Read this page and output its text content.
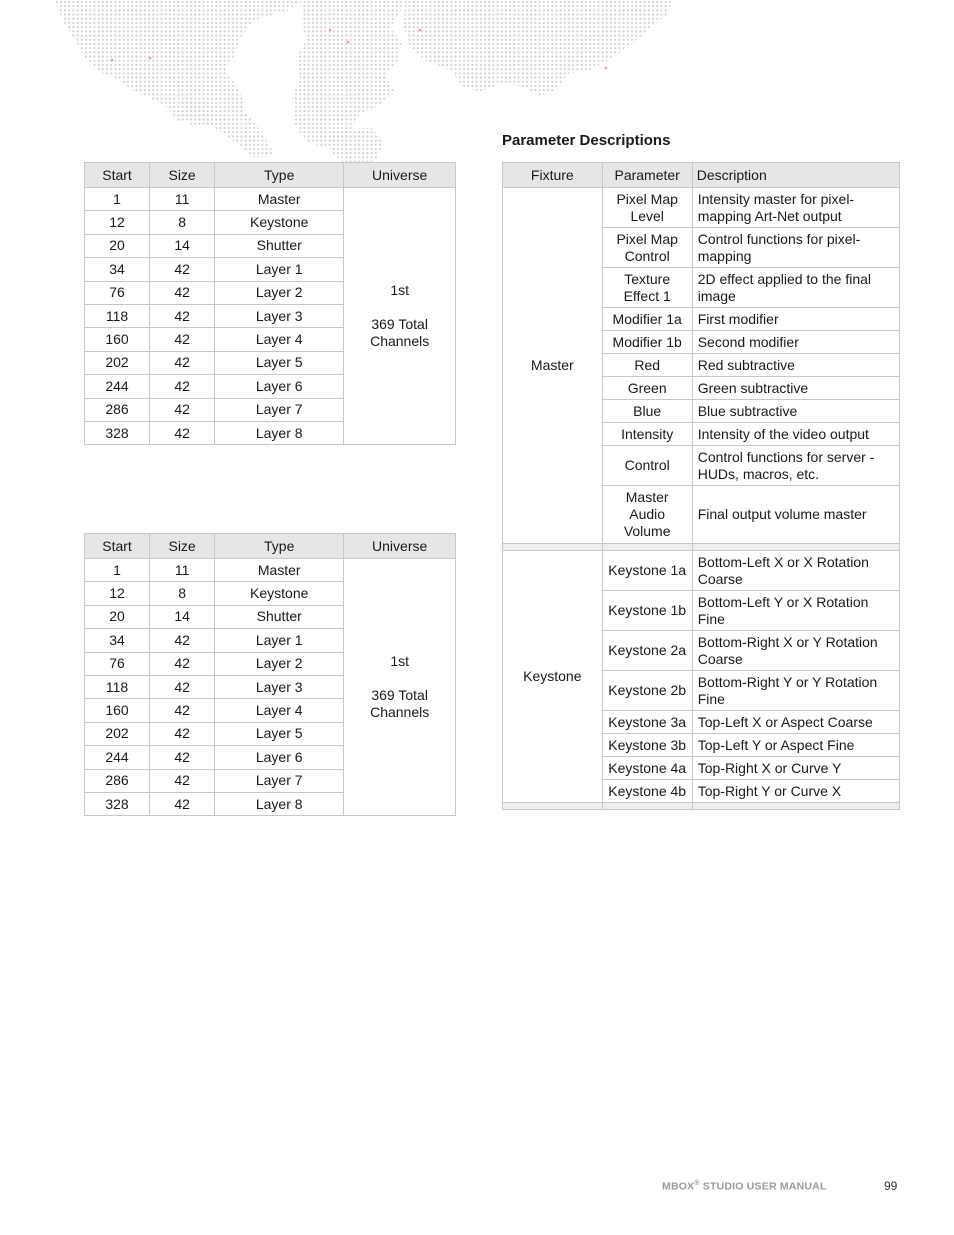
Start	Size	Type	Universe
1	11	Master	1st
369 Total Channels
12	8	Keystone	
20	14	Shutter	
34	42	Layer 1	
76	42	Layer 2	
118	42	Layer 3	
160	42	Layer 4	
202	42	Layer 5	
244	42	Layer 6	
286	42	Layer 7	
328	42	Layer 8	
Start	Size	Type	Universe
1	11	Master	1st
369 Total Channels
12	8	Keystone	
20	14	Shutter	
34	42	Layer 1	
76	42	Layer 2	
118	42	Layer 3	
160	42	Layer 4	
202	42	Layer 5	
244	42	Layer 6	
286	42	Layer 7	
328	42	Layer 8	
Parameter Descriptions
Fixture	Parameter	Description
Master	Pixel Map Level	Intensity master for pixel-mapping Art-Net output
	Pixel Map Control	Control functions for pixel-mapping
	Texture Effect 1	2D effect applied to the final image
	Modifier 1a	First modifier
	Modifier 1b	Second modifier
	Red	Red subtractive
	Green	Green subtractive
	Blue	Blue subtractive
	Intensity	Intensity of the video output
	Control	Control functions for server - HUDs, macros, etc.
	Master Audio Volume	Final output volume master

Keystone	Keystone 1a	Bottom-Left X or X Rotation Coarse
	Keystone 1b	Bottom-Left Y or X Rotation Fine
	Keystone 2a	Bottom-Right X or Y Rotation Coarse
	Keystone 2b	Bottom-Right Y or Y Rotation Fine
	Keystone 3a	Top-Left X or Aspect Coarse
	Keystone 3b	Top-Left Y or Aspect Fine
	Keystone 4a	Top-Right X or Curve Y
	Keystone 4b	Top-Right Y or Curve X

MBOX® STUDIO USER MANUAL	99
